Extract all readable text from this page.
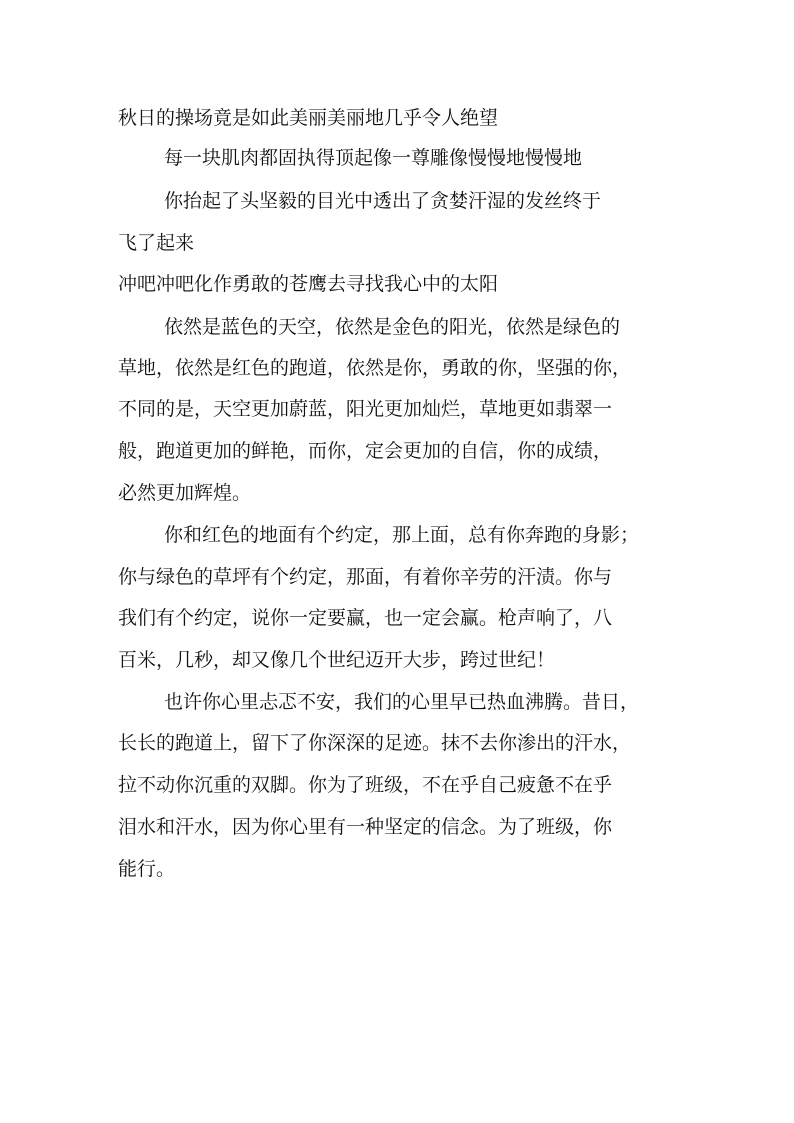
秋日的操场竟是如此美丽美丽地几乎令人绝望
每一块肌肉都固执得顶起像一尊雕像慢慢地慢慢地
你抬起了头坚毅的目光中透出了贪婪汗湿的发丝终于
飞了起来
冲吧冲吧化作勇敢的苍鹰去寻找我心中的太阳
依然是蓝色的天空，依然是金色的阳光，依然是绿色的
草地，依然是红色的跑道，依然是你，勇敢的你，坚强的你，
不同的是，天空更加蔚蓝，阳光更加灿烂，草地更如翡翠一
般，跑道更加的鲜艳，而你，定会更加的自信，你的成绩，
必然更加辉煌。
你和红色的地面有个约定，那上面，总有你奔跑的身影；
你与绿色的草坪有个约定，那面，有着你辛劳的汗渍。你与
我们有个约定，说你一定要赢，也一定会赢。枪声响了，八
百米，几秒，却又像几个世纪迈开大步，跨过世纪！
也许你心里忐忑不安，我们的心里早已热血沸腾。昔日，
长长的跑道上，留下了你深深的足迹。抹不去你渗出的汗水，
拉不动你沉重的双脚。你为了班级，不在乎自己疲惫不在乎
泪水和汗水，因为你心里有一种坚定的信念。为了班级，你
能行。
